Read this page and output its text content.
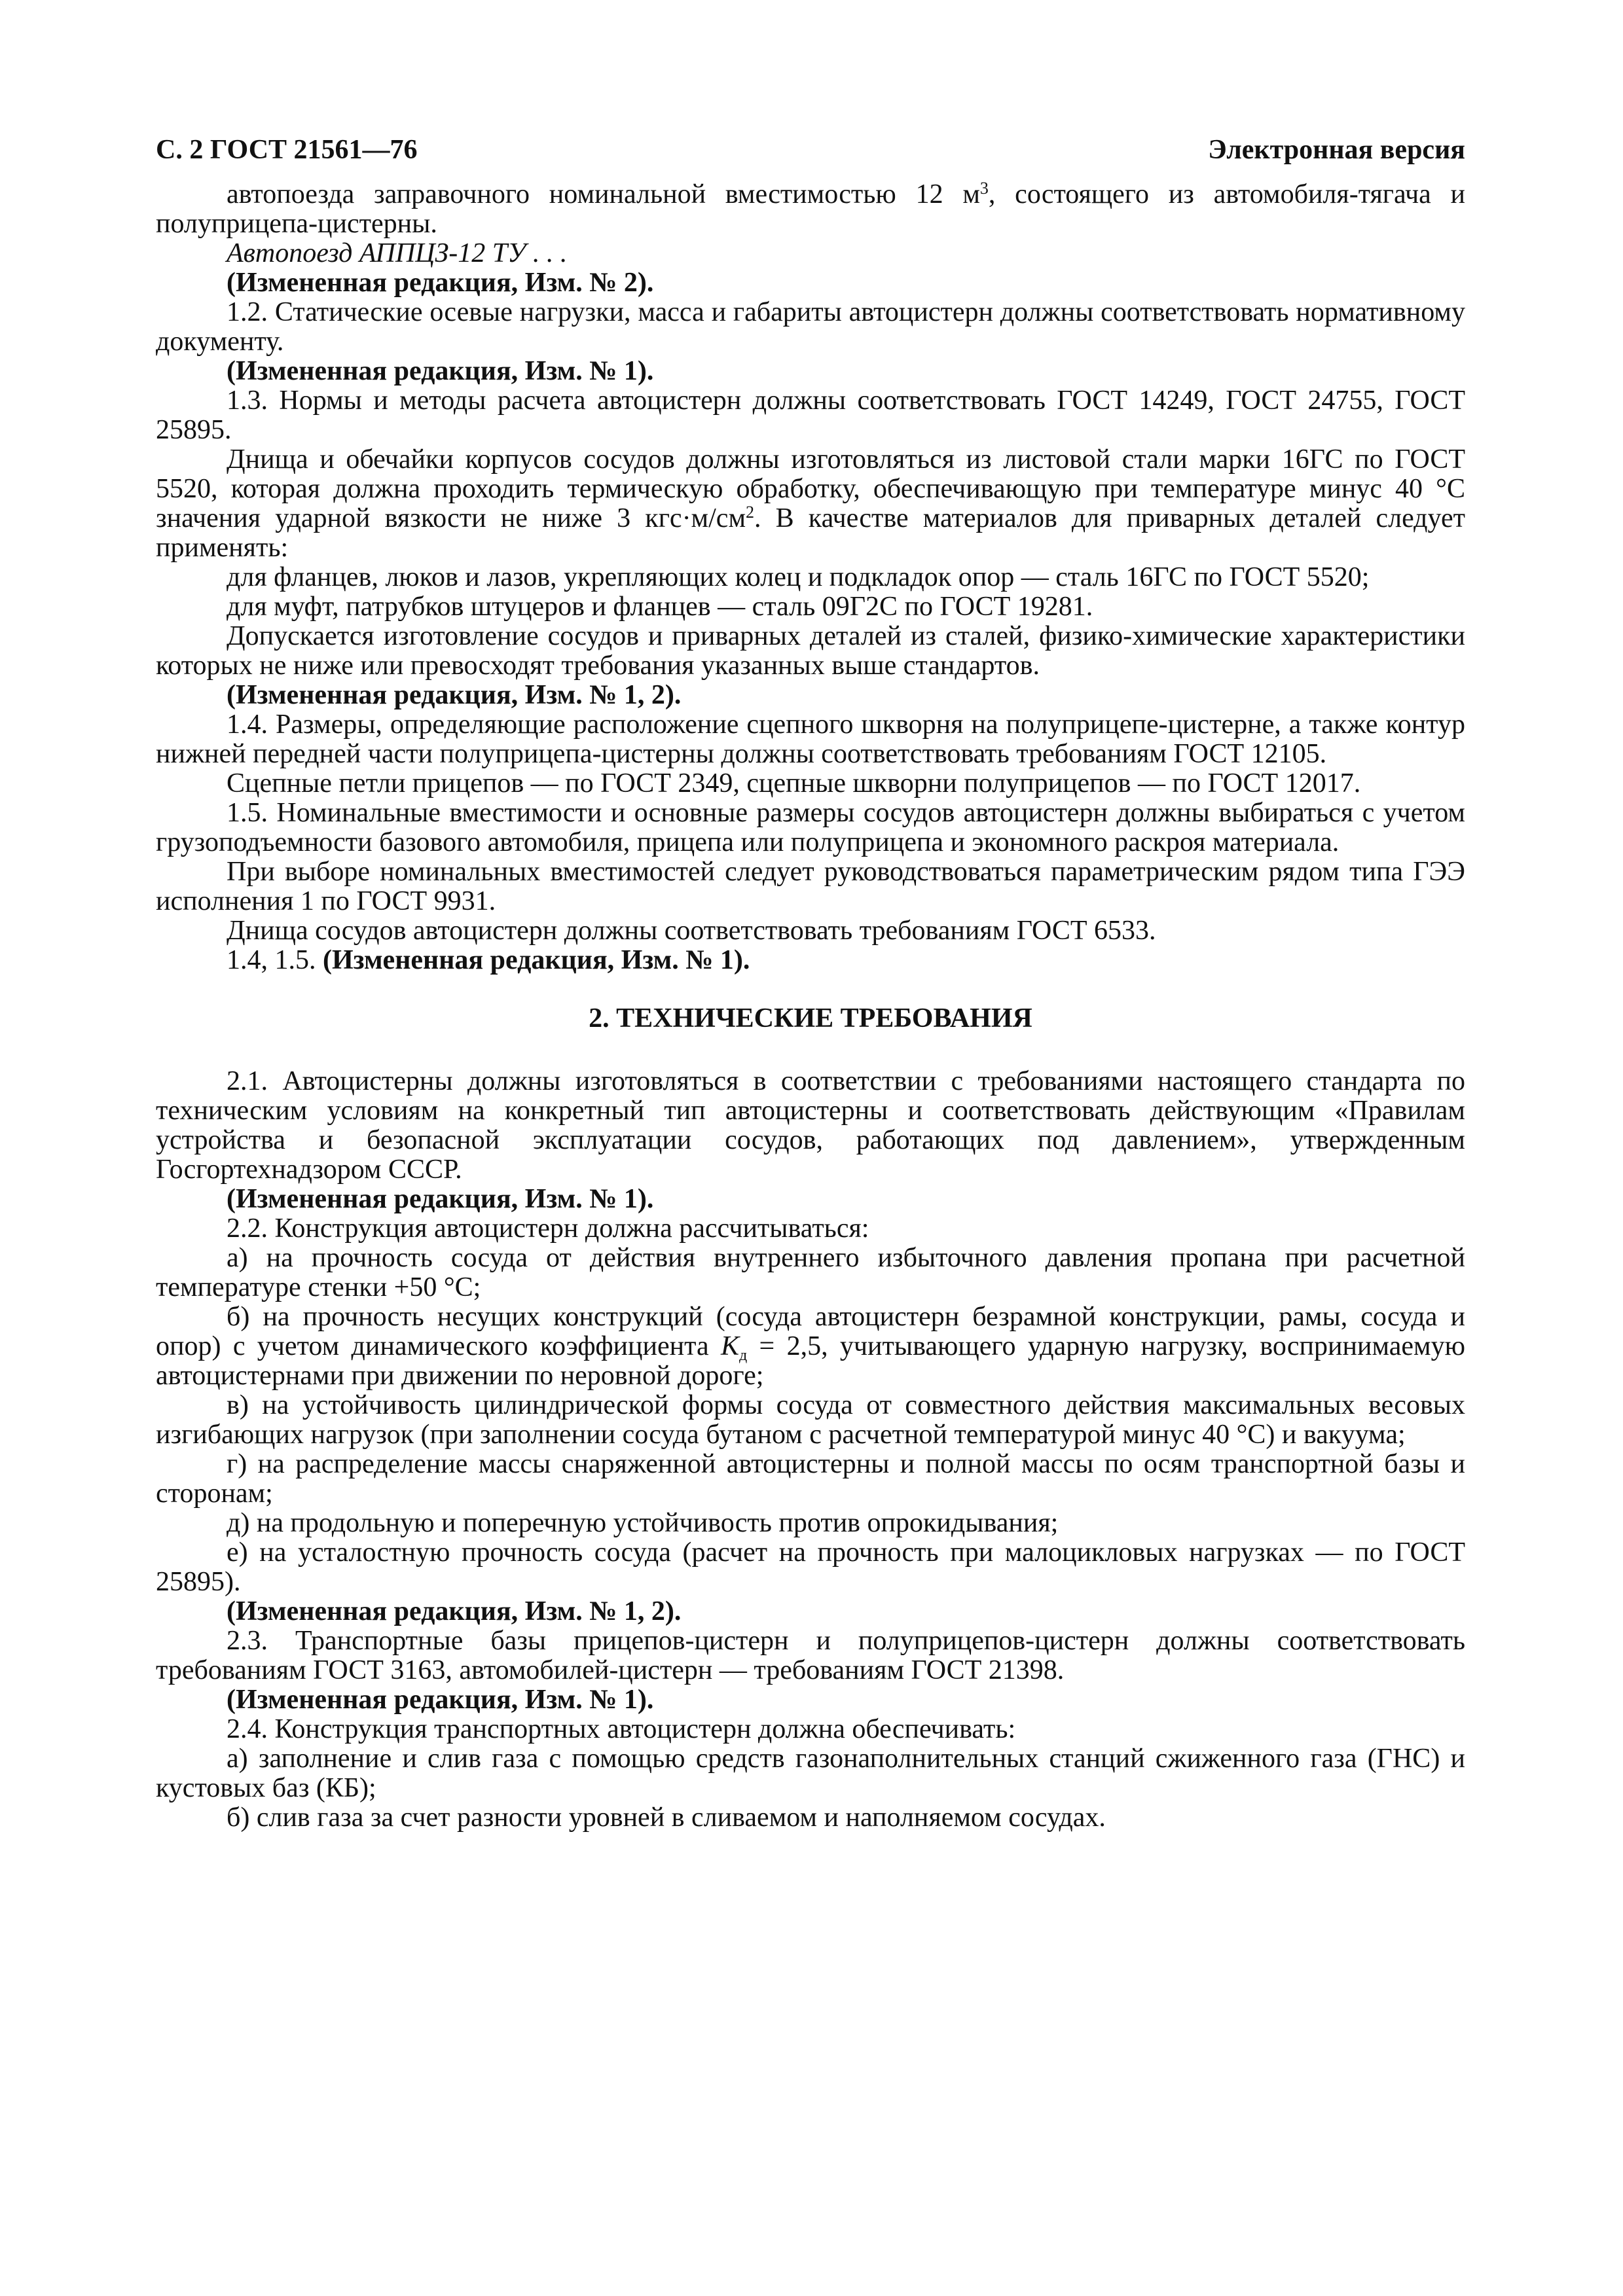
С. 2 ГОСТ 21561—76	Электронная версия

автопоезда заправочного номинальной вместимостью 12 $м^3$, состоящего из автомобиля-тягача и полуприцепа-цистерны.

Автопоезд АППЦЗ-12 ТУ . . .

(Измененная редакция, Изм. № 2).

1.2. Статические осевые нагрузки, масса и габариты автоцистерн должны соответствовать нормативному документу.

(Измененная редакция, Изм. № 1).

1.3. Нормы и методы расчета автоцистерн должны соответствовать ГОСТ 14249, ГОСТ 24755, ГОСТ 25895.

Днища и обечайки корпусов сосудов должны изготовляться из листовой стали марки 16ГС по ГОСТ 5520, которая должна проходить термическую обработку, обеспечивающую при температуре минус 40 °С значения ударной вязкости не ниже 3 $кгс\cdot м/см^2$. В качестве материалов для приварных деталей следует применять:

для фланцев, люков и лазов, укрепляющих колец и подкладок опор — сталь 16ГС по ГОСТ 5520;

для муфт, патрубков штуцеров и фланцев — сталь 09Г2С по ГОСТ 19281.

Допускается изготовление сосудов и приварных деталей из сталей, физико-химические характеристики которых не ниже или превосходят требования указанных выше стандартов.

(Измененная редакция, Изм. № 1, 2).

1.4. Размеры, определяющие расположение сцепного шкворня на полуприцепе-цистерне, а также контур нижней передней части полуприцепа-цистерны должны соответствовать требованиям ГОСТ 12105.

Сцепные петли прицепов — по ГОСТ 2349, сцепные шкворни полуприцепов — по ГОСТ 12017.

1.5. Номинальные вместимости и основные размеры сосудов автоцистерн должны выбираться с учетом грузоподъемности базового автомобиля, прицепа или полуприцепа и экономного раскроя материала.

При выборе номинальных вместимостей следует руководствоваться параметрическим рядом типа ГЭЭ исполнения 1 по ГОСТ 9931.

Днища сосудов автоцистерн должны соответствовать требованиям ГОСТ 6533.

1.4, 1.5. (Измененная редакция, Изм. № 1).

2. ТЕХНИЧЕСКИЕ ТРЕБОВАНИЯ

2.1. Автоцистерны должны изготовляться в соответствии с требованиями настоящего стандарта по техническим условиям на конкретный тип автоцистерны и соответствовать действующим «Правилам устройства и безопасной эксплуатации сосудов, работающих под давлением», утвержденным Госгортехнадзором СССР.

(Измененная редакция, Изм. № 1).

2.2. Конструкция автоцистерн должна рассчитываться:

а) на прочность сосуда от действия внутреннего избыточного давления пропана при расчетной температуре стенки +50 °С;

б) на прочность несущих конструкций (сосуда автоцистерн безрамной конструкции, рамы, сосуда и опор) с учетом динамического коэффициента $K_д = 2,5$, учитывающего ударную нагрузку, воспринимаемую автоцистернами при движении по неровной дороге;

в) на устойчивость цилиндрической формы сосуда от совместного действия максимальных весовых изгибающих нагрузок (при заполнении сосуда бутаном с расчетной температурой минус 40 °С) и вакуума;

г) на распределение массы снаряженной автоцистерны и полной массы по осям транспортной базы и сторонам;

д) на продольную и поперечную устойчивость против опрокидывания;

е) на усталостную прочность сосуда (расчет на прочность при малоцикловых нагрузках — по ГОСТ 25895).

(Измененная редакция, Изм. № 1, 2).

2.3. Транспортные базы прицепов-цистерн и полуприцепов-цистерн должны соответствовать требованиям ГОСТ 3163, автомобилей-цистерн — требованиям ГОСТ 21398.

(Измененная редакция, Изм. № 1).

2.4. Конструкция транспортных автоцистерн должна обеспечивать:

а) заполнение и слив газа с помощью средств газонаполнительных станций сжиженного газа (ГНС) и кустовых баз (КБ);

б) слив газа за счет разности уровней в сливаемом и наполняемом сосудах.
